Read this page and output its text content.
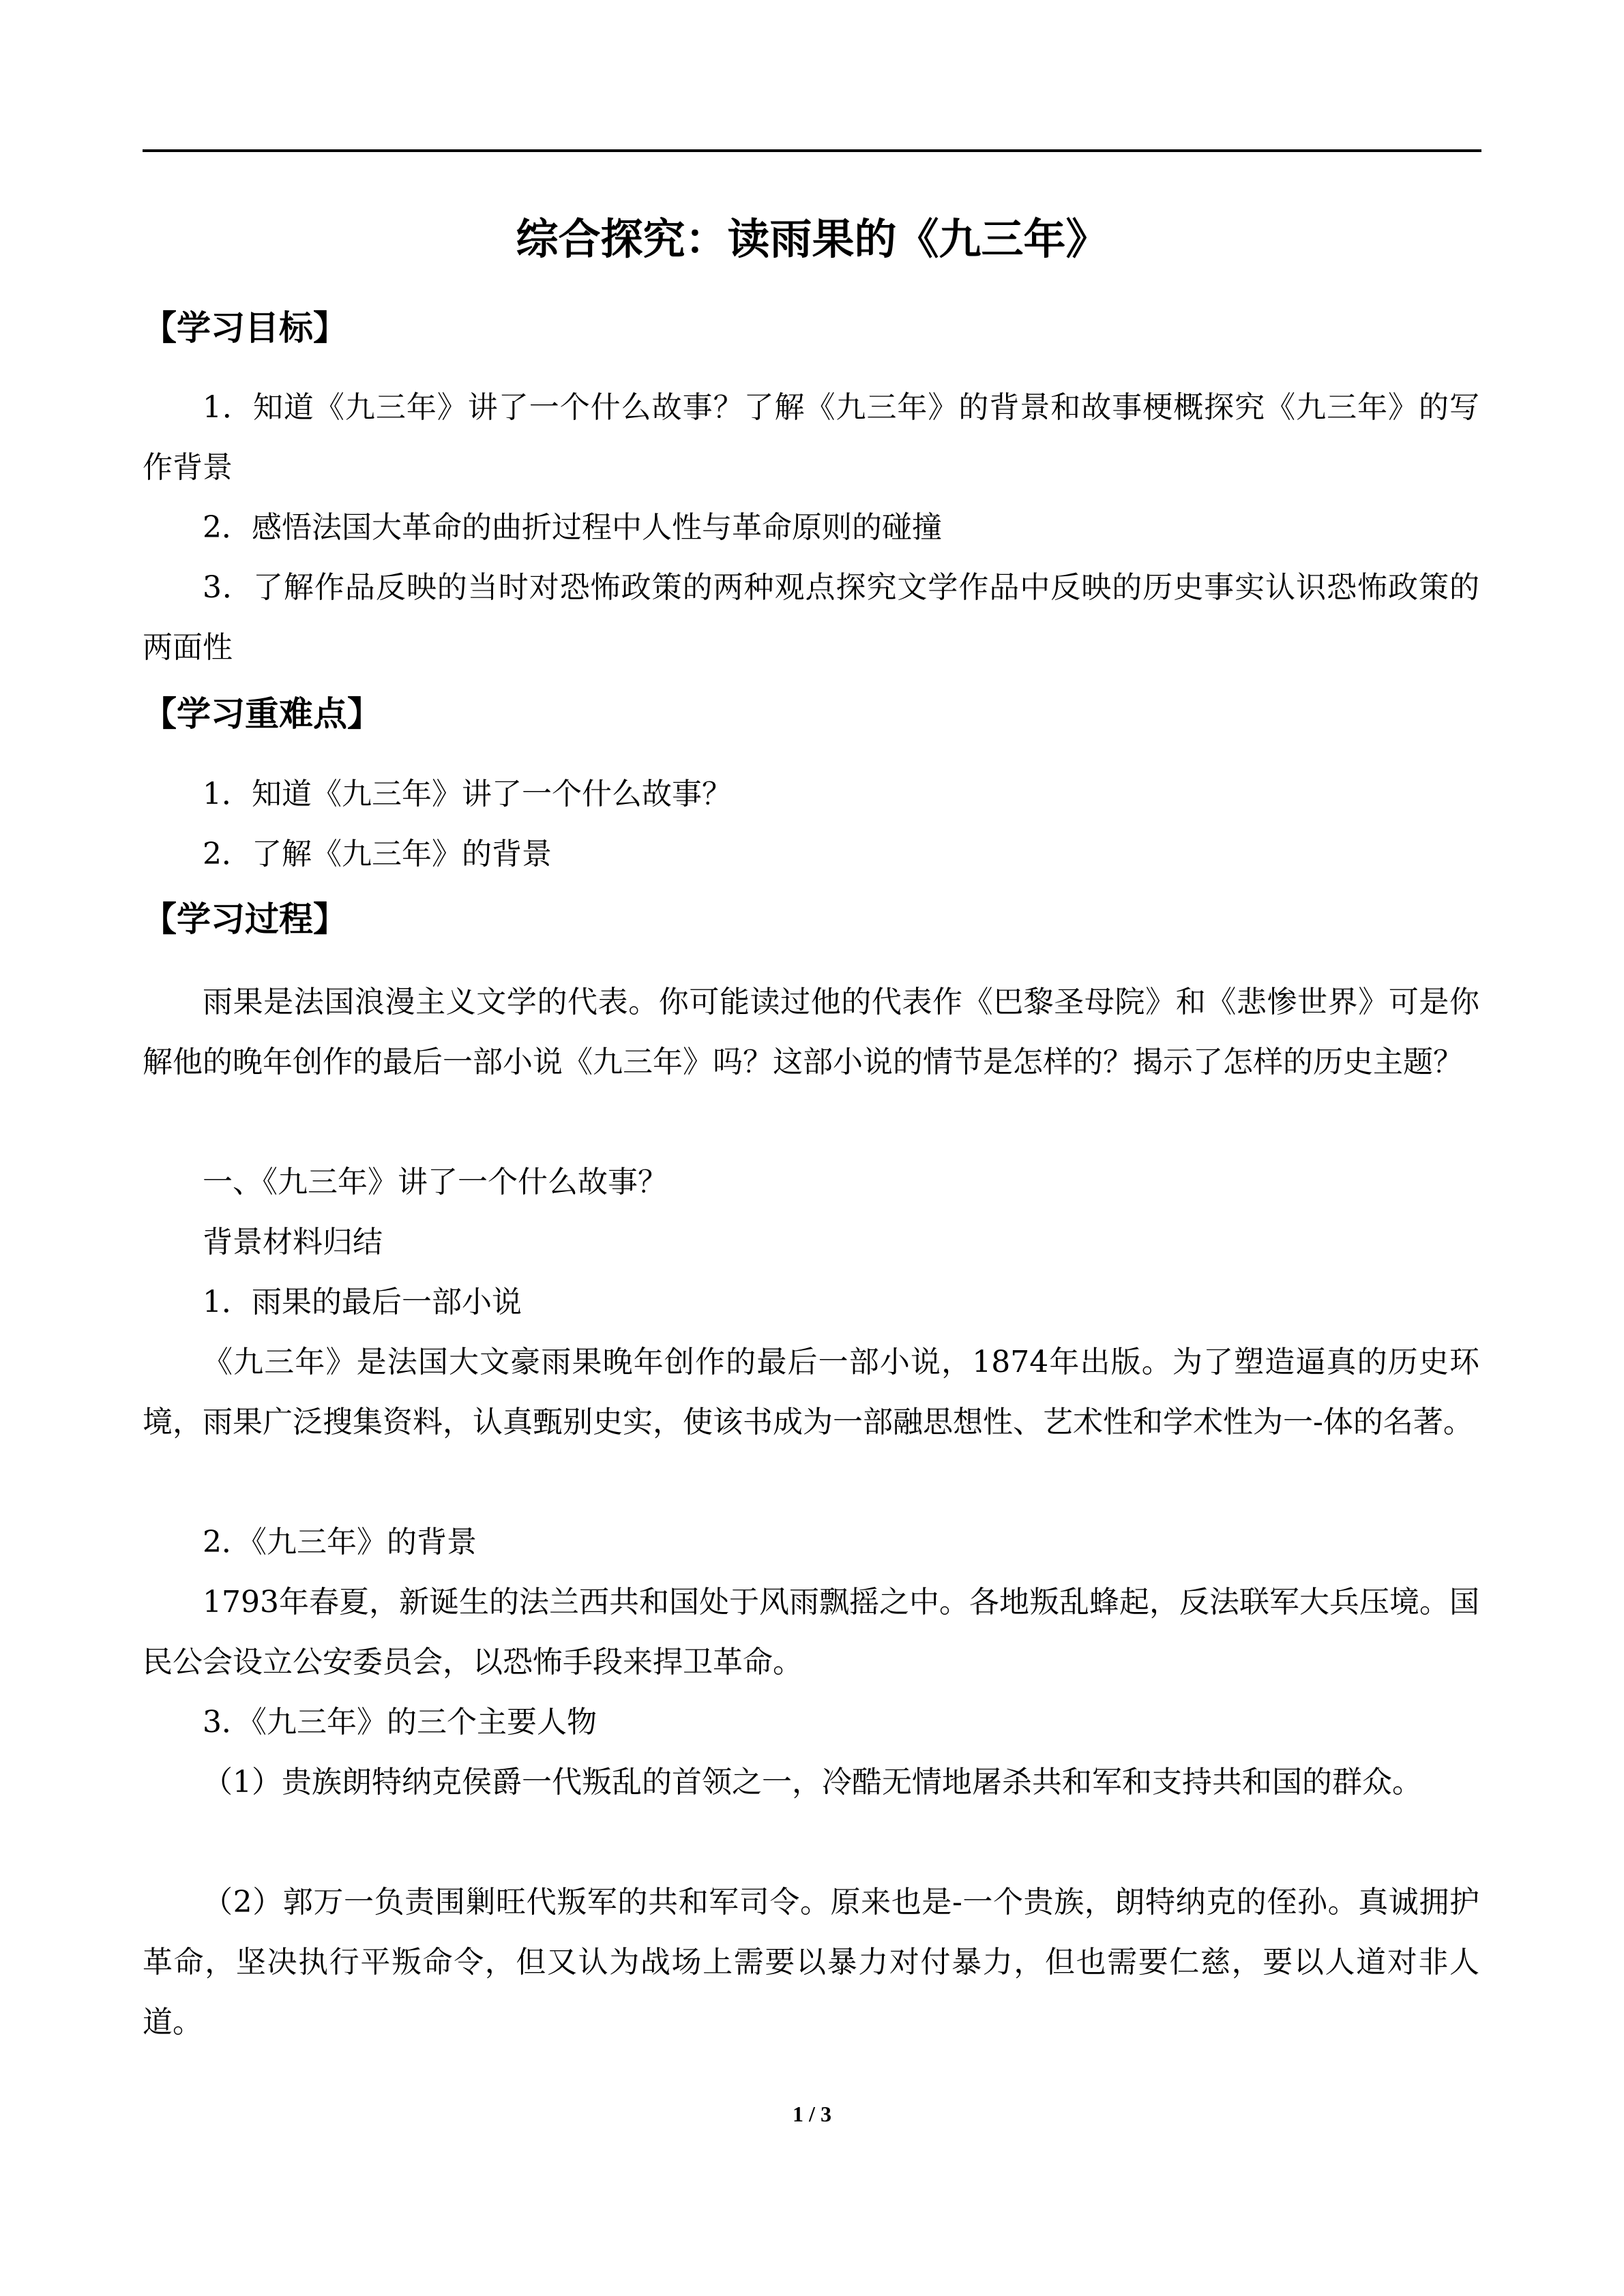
综合探究：读雨果的《九三年》
【学习目标】

1．知道《九三年》讲了一个什么故事？了解《九三年》的背景和故事梗概探究《九三年》的写作背景

2．感悟法国大革命的曲折过程中人性与革命原则的碰撞

3．了解作品反映的当时对恐怖政策的两种观点探究文学作品中反映的历史事实认识恐怖政策的两面性

【学习重难点】

1．知道《九三年》讲了一个什么故事？

2．了解《九三年》的背景

【学习过程】

雨果是法国浪漫主义文学的代表。你可能读过他的代表作《巴黎圣母院》和《悲惨世界》可是你解他的晚年创作的最后一部小说《九三年》吗？这部小说的情节是怎样的？揭示了怎样的历史主题？

一、《九三年》讲了一个什么故事？

背景材料归结

1．雨果的最后一部小说

《九三年》是法国大文豪雨果晚年创作的最后一部小说，1874年出版。为了塑造逼真的历史环境，雨果广泛搜集资料，认真甄别史实，使该书成为一部融思想性、艺术性和学术性为一-体的名著。

2．《九三年》的背景

1793年春夏，新诞生的法兰西共和国处于风雨飘摇之中。各地叛乱蜂起，反法联军大兵压境。国民公会设立公安委员会，以恐怖手段来捍卫革命。

3．《九三年》的三个主要人物

（1）贵族朗特纳克侯爵一代叛乱的首领之一，冷酷无情地屠杀共和军和支持共和国的群众。

（2）郭万一负责围剿旺代叛军的共和军司令。原来也是-一个贵族，朗特纳克的侄孙。真诚拥护革命，坚决执行平叛命令，但又认为战场上需要以暴力对付暴力，但也需要仁慈，要以人道对非人道。

1 / 3
